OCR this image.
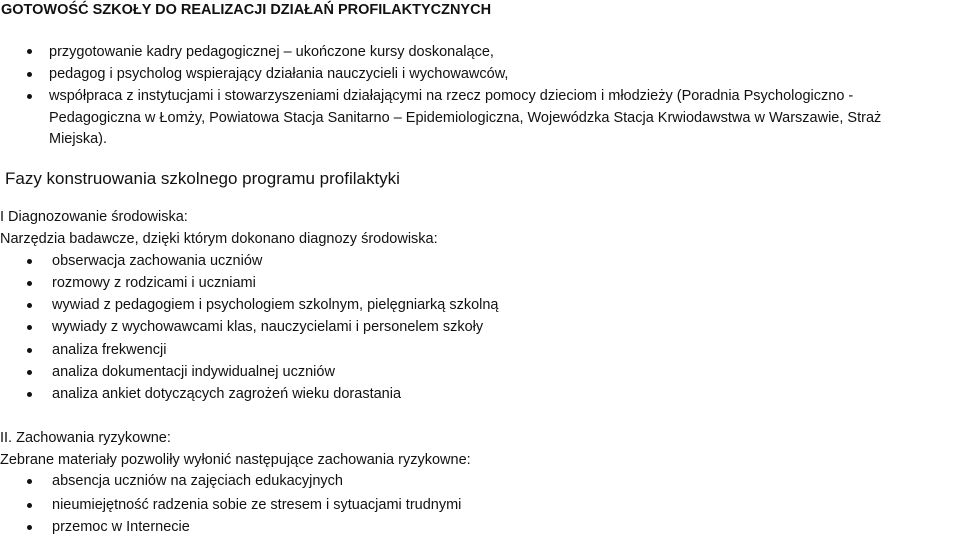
GOTOWOŚĆ SZKOŁY DO REALIZACJI DZIAŁAŃ PROFILAKTYCZNYCH
przygotowanie kadry pedagogicznej – ukończone kursy doskonalące,
pedagog i psycholog wspierający działania nauczycieli i wychowawców,
współpraca z instytucjami i stowarzyszeniami działającymi na rzecz pomocy dzieciom i młodzieży (Poradnia Psychologiczno -
Pedagogiczna w Łomży, Powiatowa Stacja Sanitarno – Epidemiologiczna, Wojewódzka Stacja Krwiodawstwa w Warszawie, Straż
Miejska).
Fazy konstruowania szkolnego programu profilaktyki
I Diagnozowanie środowiska:
Narzędzia badawcze, dzięki którym dokonano diagnozy środowiska:
obserwacja zachowania uczniów
rozmowy z rodzicami i uczniami
wywiad z pedagogiem i psychologiem szkolnym, pielęgniarką szkolną
wywiady z wychowawcami klas, nauczycielami i personelem szkoły
analiza frekwencji
analiza dokumentacji indywidualnej uczniów
analiza ankiet dotyczących zagrożeń wieku dorastania
II. Zachowania ryzykowne:
Zebrane materiały pozwoliły wyłonić następujące zachowania ryzykowne:
absencja uczniów na zajęciach edukacyjnych
nieumiejętność radzenia sobie ze stresem i sytuacjami trudnymi
przemoc w Internecie
